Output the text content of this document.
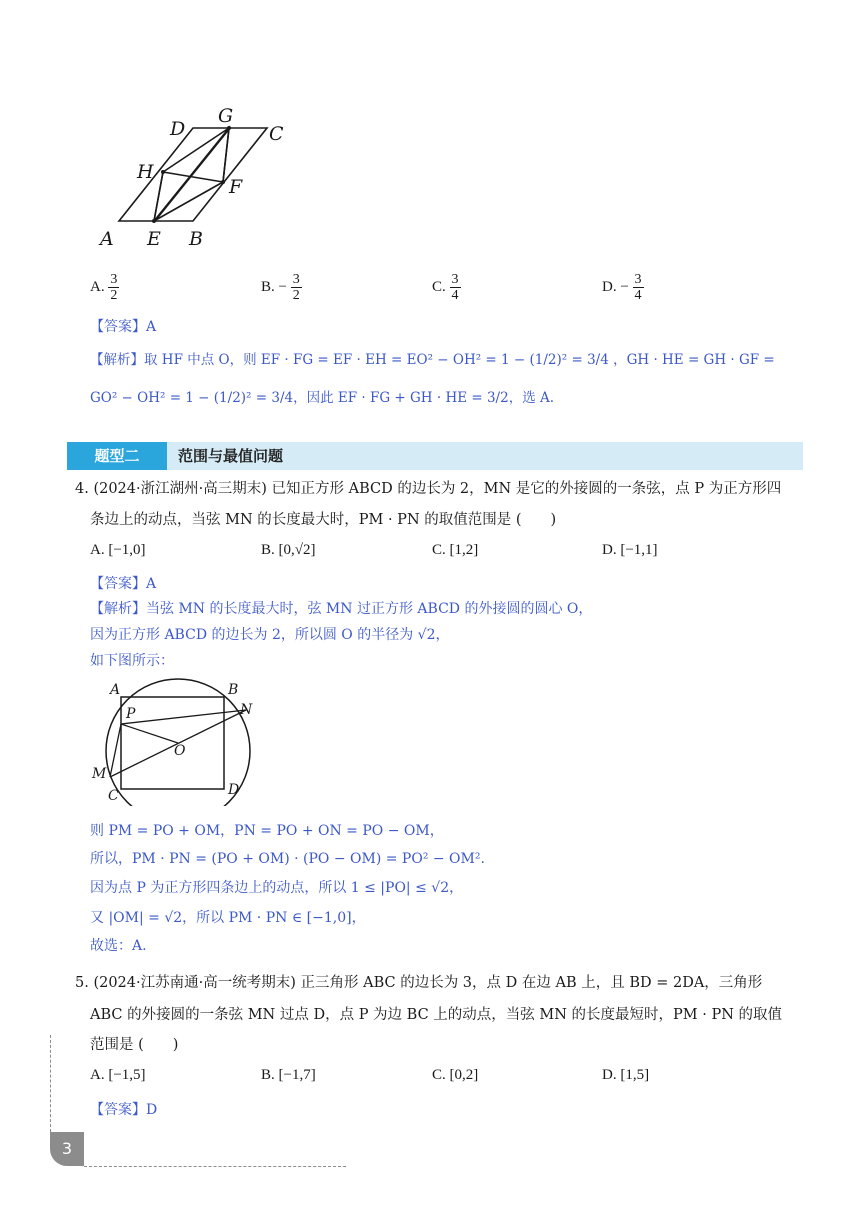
A E B
C
D
G
H
F
A. $\frac{3}{2}$	B. − $\frac{3}{2}$	C. $\frac{3}{4}$	D. − $\frac{3}{4}$
【答案】A
【解析】取 HF 中点 O，则 EF · FG = EF · EH = EO² − OH² = 1 − (1/2)² = 3/4 ，GH · HE = GH · GF =
GO² − OH² = 1 − (1/2)² = 3/4，因此 EF · FG + GH · HE = 3/2，选 A.
题型二	范围与最值问题
4. (2024·浙江湖州·高三期末) 已知正方形 ABCD 的边长为 2，MN 是它的外接圆的一条弦，点 P 为正方形四
条边上的动点，当弦 MN 的长度最大时，PM · PN 的取值范围是 (　　)
A. [−1,0]	B. [0,√2]	C. [1,2]	D. [−1,1]
【答案】A
【解析】当弦 MN 的长度最大时，弦 MN 过正方形 ABCD 的外接圆的圆心 O，
因为正方形 ABCD 的边长为 2，所以圆 O 的半径为 √2，
如下图所示：
A	B
C	D
P	N
O
M
则 PM = PO + OM，PN = PO + ON = PO − OM，
所以，PM · PN = (PO + OM) · (PO − OM) = PO² − OM².
因为点 P 为正方形四条边上的动点，所以 1 ≤ |PO| ≤ √2，
又 |OM| = √2，所以 PM · PN ∈ [−1,0]，
故选：A.
5. (2024·江苏南通·高一统考期末) 正三角形 ABC 的边长为 3，点 D 在边 AB 上，且 BD = 2DA，三角形
ABC 的外接圆的一条弦 MN 过点 D，点 P 为边 BC 上的动点，当弦 MN 的长度最短时，PM · PN 的取值
范围是 (　　)
A. [−1,5]	B. [−1,7]	C. [0,2]	D. [1,5]
【答案】D
3
